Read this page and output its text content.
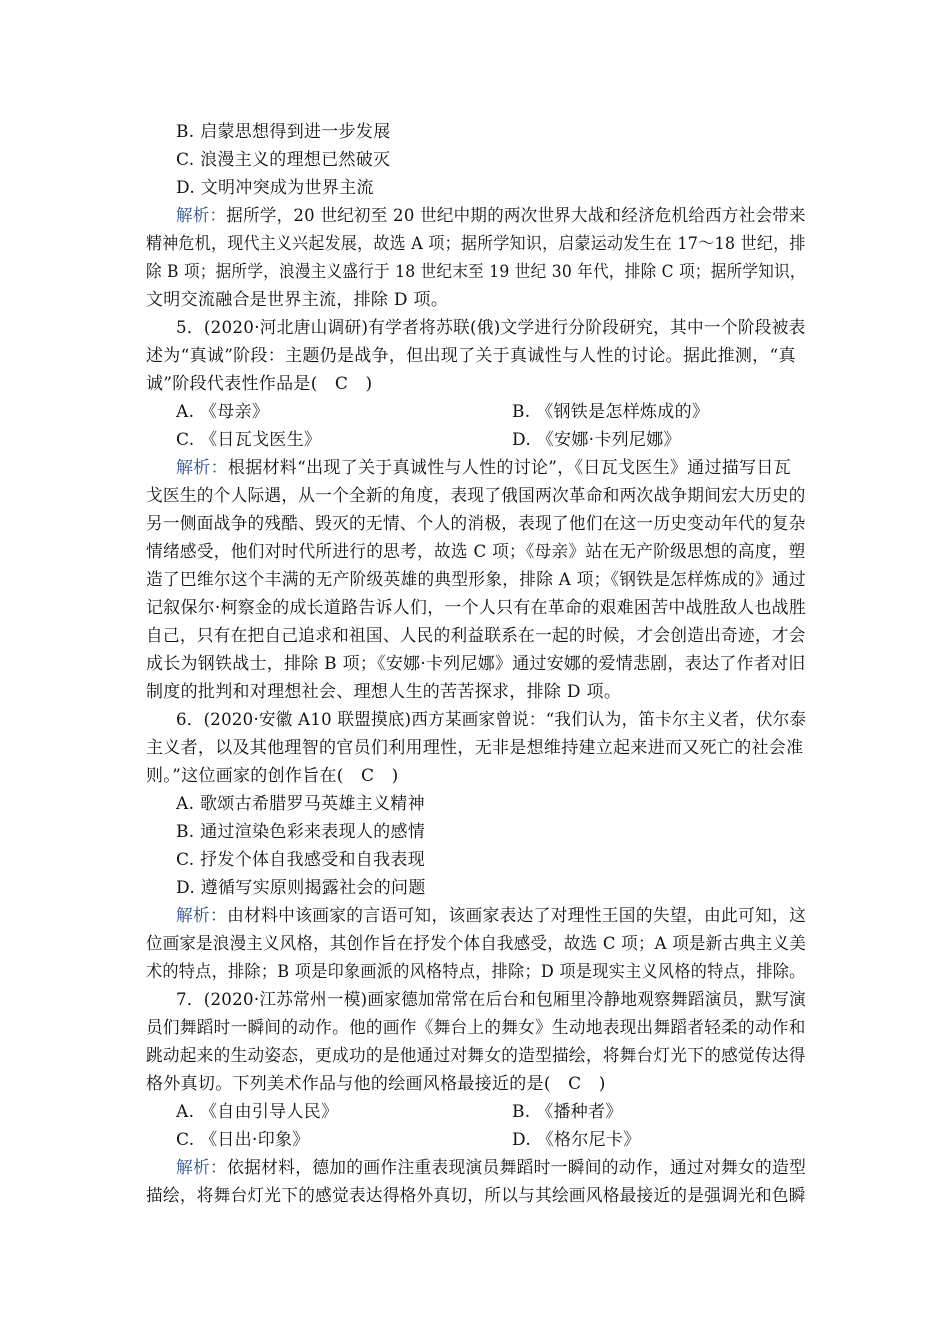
B. 启蒙思想得到进一步发展
C. 浪漫主义的理想已然破灭
D. 文明冲突成为世界主流
解析：据所学，20 世纪初至 20 世纪中期的两次世界大战和经济危机给西方社会带来
精神危机，现代主义兴起发展，故选 A 项；据所学知识，启蒙运动发生在 17～18 世纪，排
除 B 项；据所学，浪漫主义盛行于 18 世纪末至 19 世纪 30 年代，排除 C 项；据所学知识，
文明交流融合是世界主流，排除 D 项。
5．(2020·河北唐山调研)有学者将苏联(俄)文学进行分阶段研究，其中一个阶段被表
述为“真诚”阶段：主题仍是战争，但出现了关于真诚性与人性的讨论。据此推测，“真
诚”阶段代表性作品是(　C　)
A. 《母亲》	B. 《钢铁是怎样炼成的》
C. 《日瓦戈医生》	D. 《安娜·卡列尼娜》
解析：根据材料“出现了关于真诚性与人性的讨论”，《日瓦戈医生》通过描写日瓦
戈医生的个人际遇，从一个全新的角度，表现了俄国两次革命和两次战争期间宏大历史的
另一侧面战争的残酷、毁灭的无情、个人的消极，表现了他们在这一历史变动年代的复杂
情绪感受，他们对时代所进行的思考，故选 C 项；《母亲》站在无产阶级思想的高度，塑
造了巴维尔这个丰满的无产阶级英雄的典型形象，排除 A 项；《钢铁是怎样炼成的》通过
记叙保尔·柯察金的成长道路告诉人们，一个人只有在革命的艰难困苦中战胜敌人也战胜
自己，只有在把自己追求和祖国、人民的利益联系在一起的时候，才会创造出奇迹，才会
成长为钢铁战士，排除 B 项；《安娜·卡列尼娜》通过安娜的爱情悲剧，表达了作者对旧
制度的批判和对理想社会、理想人生的苦苦探求，排除 D 项。
6．(2020·安徽 A10 联盟摸底)西方某画家曾说：“我们认为，笛卡尔主义者，伏尔泰
主义者，以及其他理智的官员们利用理性，无非是想维持建立起来进而又死亡的社会准
则。”这位画家的创作旨在(　C　)
A. 歌颂古希腊罗马英雄主义精神
B. 通过渲染色彩来表现人的感情
C. 抒发个体自我感受和自我表现
D. 遵循写实原则揭露社会的问题
解析：由材料中该画家的言语可知，该画家表达了对理性王国的失望，由此可知，这
位画家是浪漫主义风格，其创作旨在抒发个体自我感受，故选 C 项；A 项是新古典主义美
术的特点，排除；B 项是印象画派的风格特点，排除；D 项是现实主义风格的特点，排除。
7．(2020·江苏常州一模)画家德加常常在后台和包厢里冷静地观察舞蹈演员，默写演
员们舞蹈时一瞬间的动作。他的画作《舞台上的舞女》生动地表现出舞蹈者轻柔的动作和
跳动起来的生动姿态，更成功的是他通过对舞女的造型描绘，将舞台灯光下的感觉传达得
格外真切。下列美术作品与他的绘画风格最接近的是(　C　)
A. 《自由引导人民》	B. 《播种者》
C. 《日出·印象》	D. 《格尔尼卡》
解析：依据材料，德加的画作注重表现演员舞蹈时一瞬间的动作，通过对舞女的造型
描绘，将舞台灯光下的感觉表达得格外真切，所以与其绘画风格最接近的是强调光和色瞬
